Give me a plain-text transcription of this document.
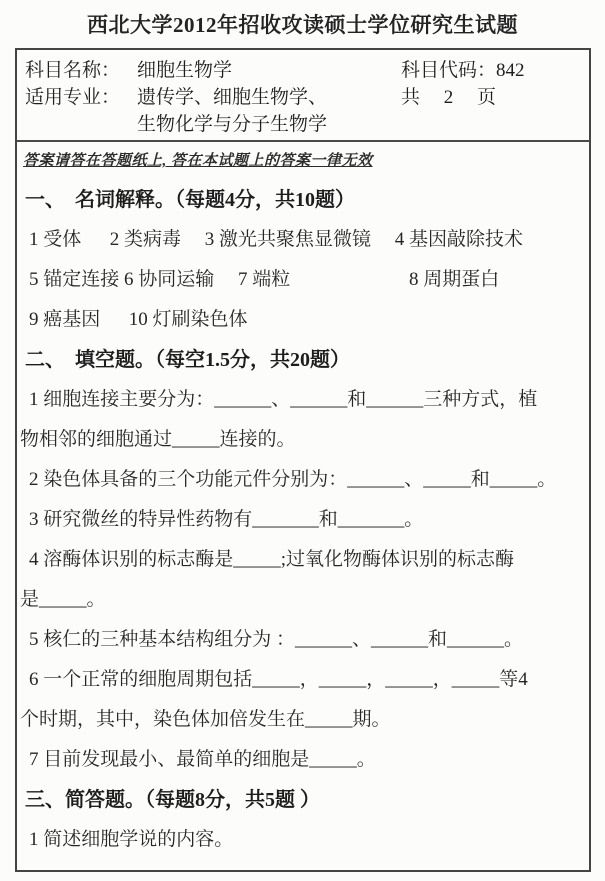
西北大学2012年招收攻读硕士学位研究生试题
科目名称： 细胞生物学	科目代码：842
适用专业： 遗传学、细胞生物学、	共　 2 　页
生物化学与分子生物学
答案请答在答题纸上, 答在本试题上的答案一律无效
一、　名词解释。（每题4分，共10题）
1 受体　  2 类病毒　 3 激光共聚焦显微镜　 4 基因敲除技术
5 锚定连接 6 协同运输　 7 端粒　　　　　　 8 周期蛋白
9 癌基因　  10 灯刷染色体
二、　填空题。（每空1.5分，共20题）
1 细胞连接主要分为：______、______和______三种方式，植
物相邻的细胞通过_____连接的。
2 染色体具备的三个功能元件分别为：______、_____和_____。
3 研究微丝的特异性药物有_______和_______。
4 溶酶体识别的标志酶是_____;过氧化物酶体识别的标志酶
是_____。
5 核仁的三种基本结构组分为 ：______、______和______。
6 一个正常的细胞周期包括_____，_____，_____，_____等4
个时期，其中，染色体加倍发生在_____期。
7 目前发现最小、最简单的细胞是_____。
三、简答题。（每题8分，共5题 ）
1 简述细胞学说的内容。
